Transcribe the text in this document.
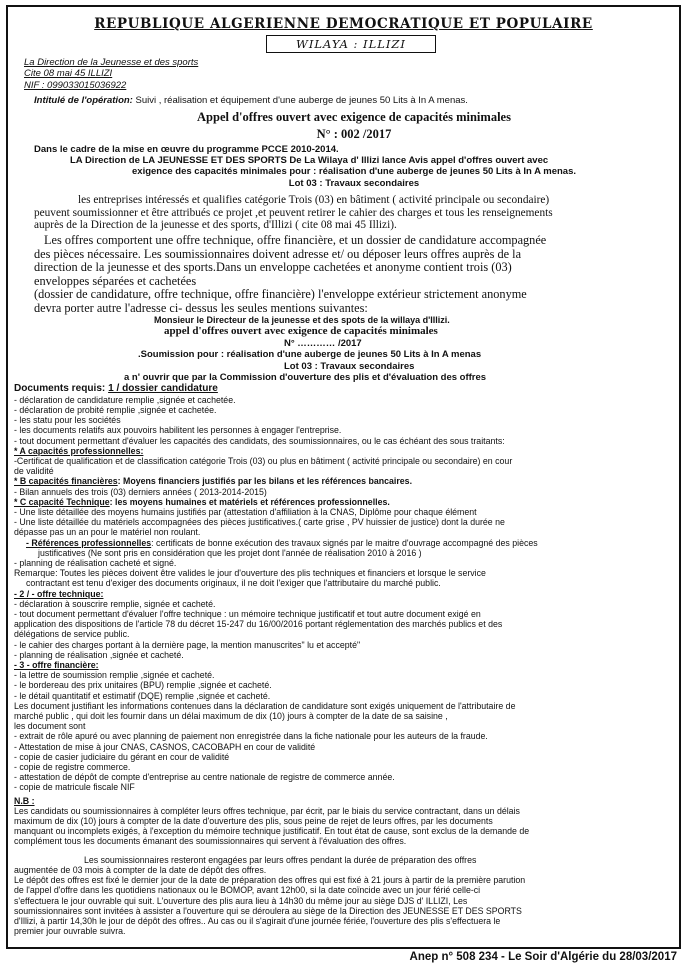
REPUBLIQUE ALGERIENNE DEMOCRATIQUE ET POPULAIRE
WILAYA : ILLIZI
La Direction de la Jeunesse et des sports
Cite 08 mai 45 ILLIZI
NIF : 099033015036922
Intitulé de l'opération: Suivi , réalisation et équipement d'une auberge de jeunes 50 Lits à In A menas.
Appel d'offres ouvert avec exigence de capacités minimales
N° : 002 /2017
Dans le cadre de la mise en œuvre du programme PCCE 2010-2014.
LA Direction de LA JEUNESSE ET DES SPORTS De La Wilaya d' Illizi lance Avis appel d'offres ouvert avec
exigence des capacités minimales pour : réalisation d'une auberge de jeunes 50 Lits à In A menas.
Lot 03 : Travaux secondaires
les entreprises intéressés et qualifies catégorie Trois (03) en bâtiment ( activité principale ou secondaire)
peuvent soumissionner et être attribués ce projet ,et peuvent retirer le cahier des charges et tous les renseignements
auprès de la Direction de la jeunesse et des sports, d'Illizi ( cite 08 mai 45 Illizi).
Les offres comportent une offre technique, offre financière, et un dossier de candidature accompagnée
des pièces nécessaire. Les soumissionnaires doivent adresse et/ ou déposer leurs offres auprès de la
direction de la jeunesse et des sports.Dans un enveloppe cachetées et anonyme contient trois (03)
enveloppes séparées et cachetées
(dossier de candidature, offre technique, offre financière) l'enveloppe extérieur strictement anonyme
devra porter autre l'adresse ci- dessus les seules mentions suivantes:
Monsieur le Directeur de la jeunesse et des spots de la willaya d'Illizi.
appel d'offres ouvert avec exigence de capacités minimales
N° ………… /2017
.Soumission pour : réalisation d'une auberge de jeunes 50 Lits à In A menas
Lot 03 : Travaux secondaires
a n' ouvrir que par la Commission d'ouverture des plis et d'évaluation des offres
Documents requis: 1 / dossier candidature
- déclaration de candidature remplie ,signée et cachetée.
- déclaration de probité remplie ,signée et cachetée.
- les statu pour les sociétés
- les documents relatifs aux pouvoirs habilitent les personnes à engager l'entreprise.
- tout document permettant d'évaluer les capacités des candidats, des soumissionnaires, ou le cas échéant des sous traitants:
* A capacités professionnelles:
-Certificat de qualification et de classification catégorie Trois (03) ou plus en bâtiment ( activité principale ou secondaire) en cour
de validité
* B capacités financières: Moyens financiers justifiés par les bilans et les références bancaires.
- Bilan annuels des trois (03) derniers années ( 2013-2014-2015)
* C capacité Technique: les moyens humaines et matériels et références professionnelles.
- Une liste détaillée des moyens humains justifiés par (attestation d'affiliation à la CNAS, Diplôme pour chaque élément
- Une liste détaillée du matériels accompagnées des pièces justificatives.( carte grise , PV huissier de justice) dont la durée ne
dépasse pas un an pour le matériel non roulant.
- Références professionnelles: certificats de bonne exécution des travaux signés par le maitre d'ouvrage accompagné des pièces
justificatives (Ne sont pris en considération que les projet dont l'année de réalisation 2010 à 2016 )
- planning de réalisation cacheté et signé.
Remarque: Toutes les pièces doivent être valides le jour d'ouverture des plis techniques et financiers et lorsque le service
contractant est tenu d'exiger des documents originaux, il ne doit l'exiger que l'attributaire du marché public.
- 2 / - offre technique:
- déclaration à souscrire remplie, signée et cacheté.
- tout document permettant d'évaluer l'offre technique : un mémoire technique justificatif et tout autre document exigé en
application des dispositions de l'article 78 du décret 15-247 du 16/00/2016 portant réglementation des marchés publics et des
délégations de service public.
- le cahier des charges portant à la dernière page, la mention manuscrites" lu et accepté"
- planning de réalisation ,signée et cacheté.
- 3 - offre financière:
- la lettre de soumission remplie ,signée et cacheté.
- le bordereau des prix unitaires (BPU) remplie ,signée et cacheté.
- le détail quantitatif et estimatif (DQE) remplie ,signée et cacheté.
Les document justifiant les informations contenues dans la déclaration de candidature sont exigés uniquement de l'attributaire de
marché public , qui doit les fournir dans un délai maximum de dix (10) jours à compter de la date de sa saisine ,
les document sont
- extrait de rôle apuré ou avec planning de paiement non enregistrée dans la fiche nationale pour les auteurs de la fraude.
- Attestation de mise à jour CNAS, CASNOS, CACOBAPH en cour de validité
- copie de casier judiciaire du gérant en cour de validité
- copie de registre commerce.
- attestation de dépôt de compte d'entreprise au centre nationale de registre de commerce année.
- copie de matricule fiscale NIF
N.B :
Les candidats ou soumissionnaires à compléter leurs offres technique, par écrit, par le biais du service contractant, dans un délais
maximum de dix (10) jours à compter de la date d'ouverture des plis, sous peine de rejet de leurs offres, par les documents
manquant ou incomplets exigés, à l'exception du mémoire technique justificatif. En tout état de cause, sont exclus de la demande de
complément tous les documents émanant des soumissionnaires qui servent à l'évaluation des offres.
Les soumissionnaires resteront engagées par leurs offres pendant la durée de préparation des offres
augmentée de 03 mois à compter de la date de dépôt des offres.
Le dépôt des offres est fixé le dernier jour de la date de préparation des offres qui est fixé à 21 jours à partir de la première parution
de l'appel d'offre dans les quotidiens nationaux ou le BOMOP, avant 12h00, si la date coïncide avec un jour férié celle-ci
s'effectuera le jour ouvrable qui suit. L'ouverture des plis aura lieu à 14h30 du même jour au siège DJS d' ILLIZI, Les
soumissionnaires sont invitées à assister a l'ouverture qui se déroulera au siège de la Direction des JEUNESSE ET DES SPORTS
d'Illizi, à partir 14,30h le jour de dépôt des offres.. Au cas ou il s'agirait d'une journée fériée, l'ouverture des plis s'effectuera le
premier jour ouvrable suivra.
Anep n° 508 234 - Le Soir d'Algérie du 28/03/2017
